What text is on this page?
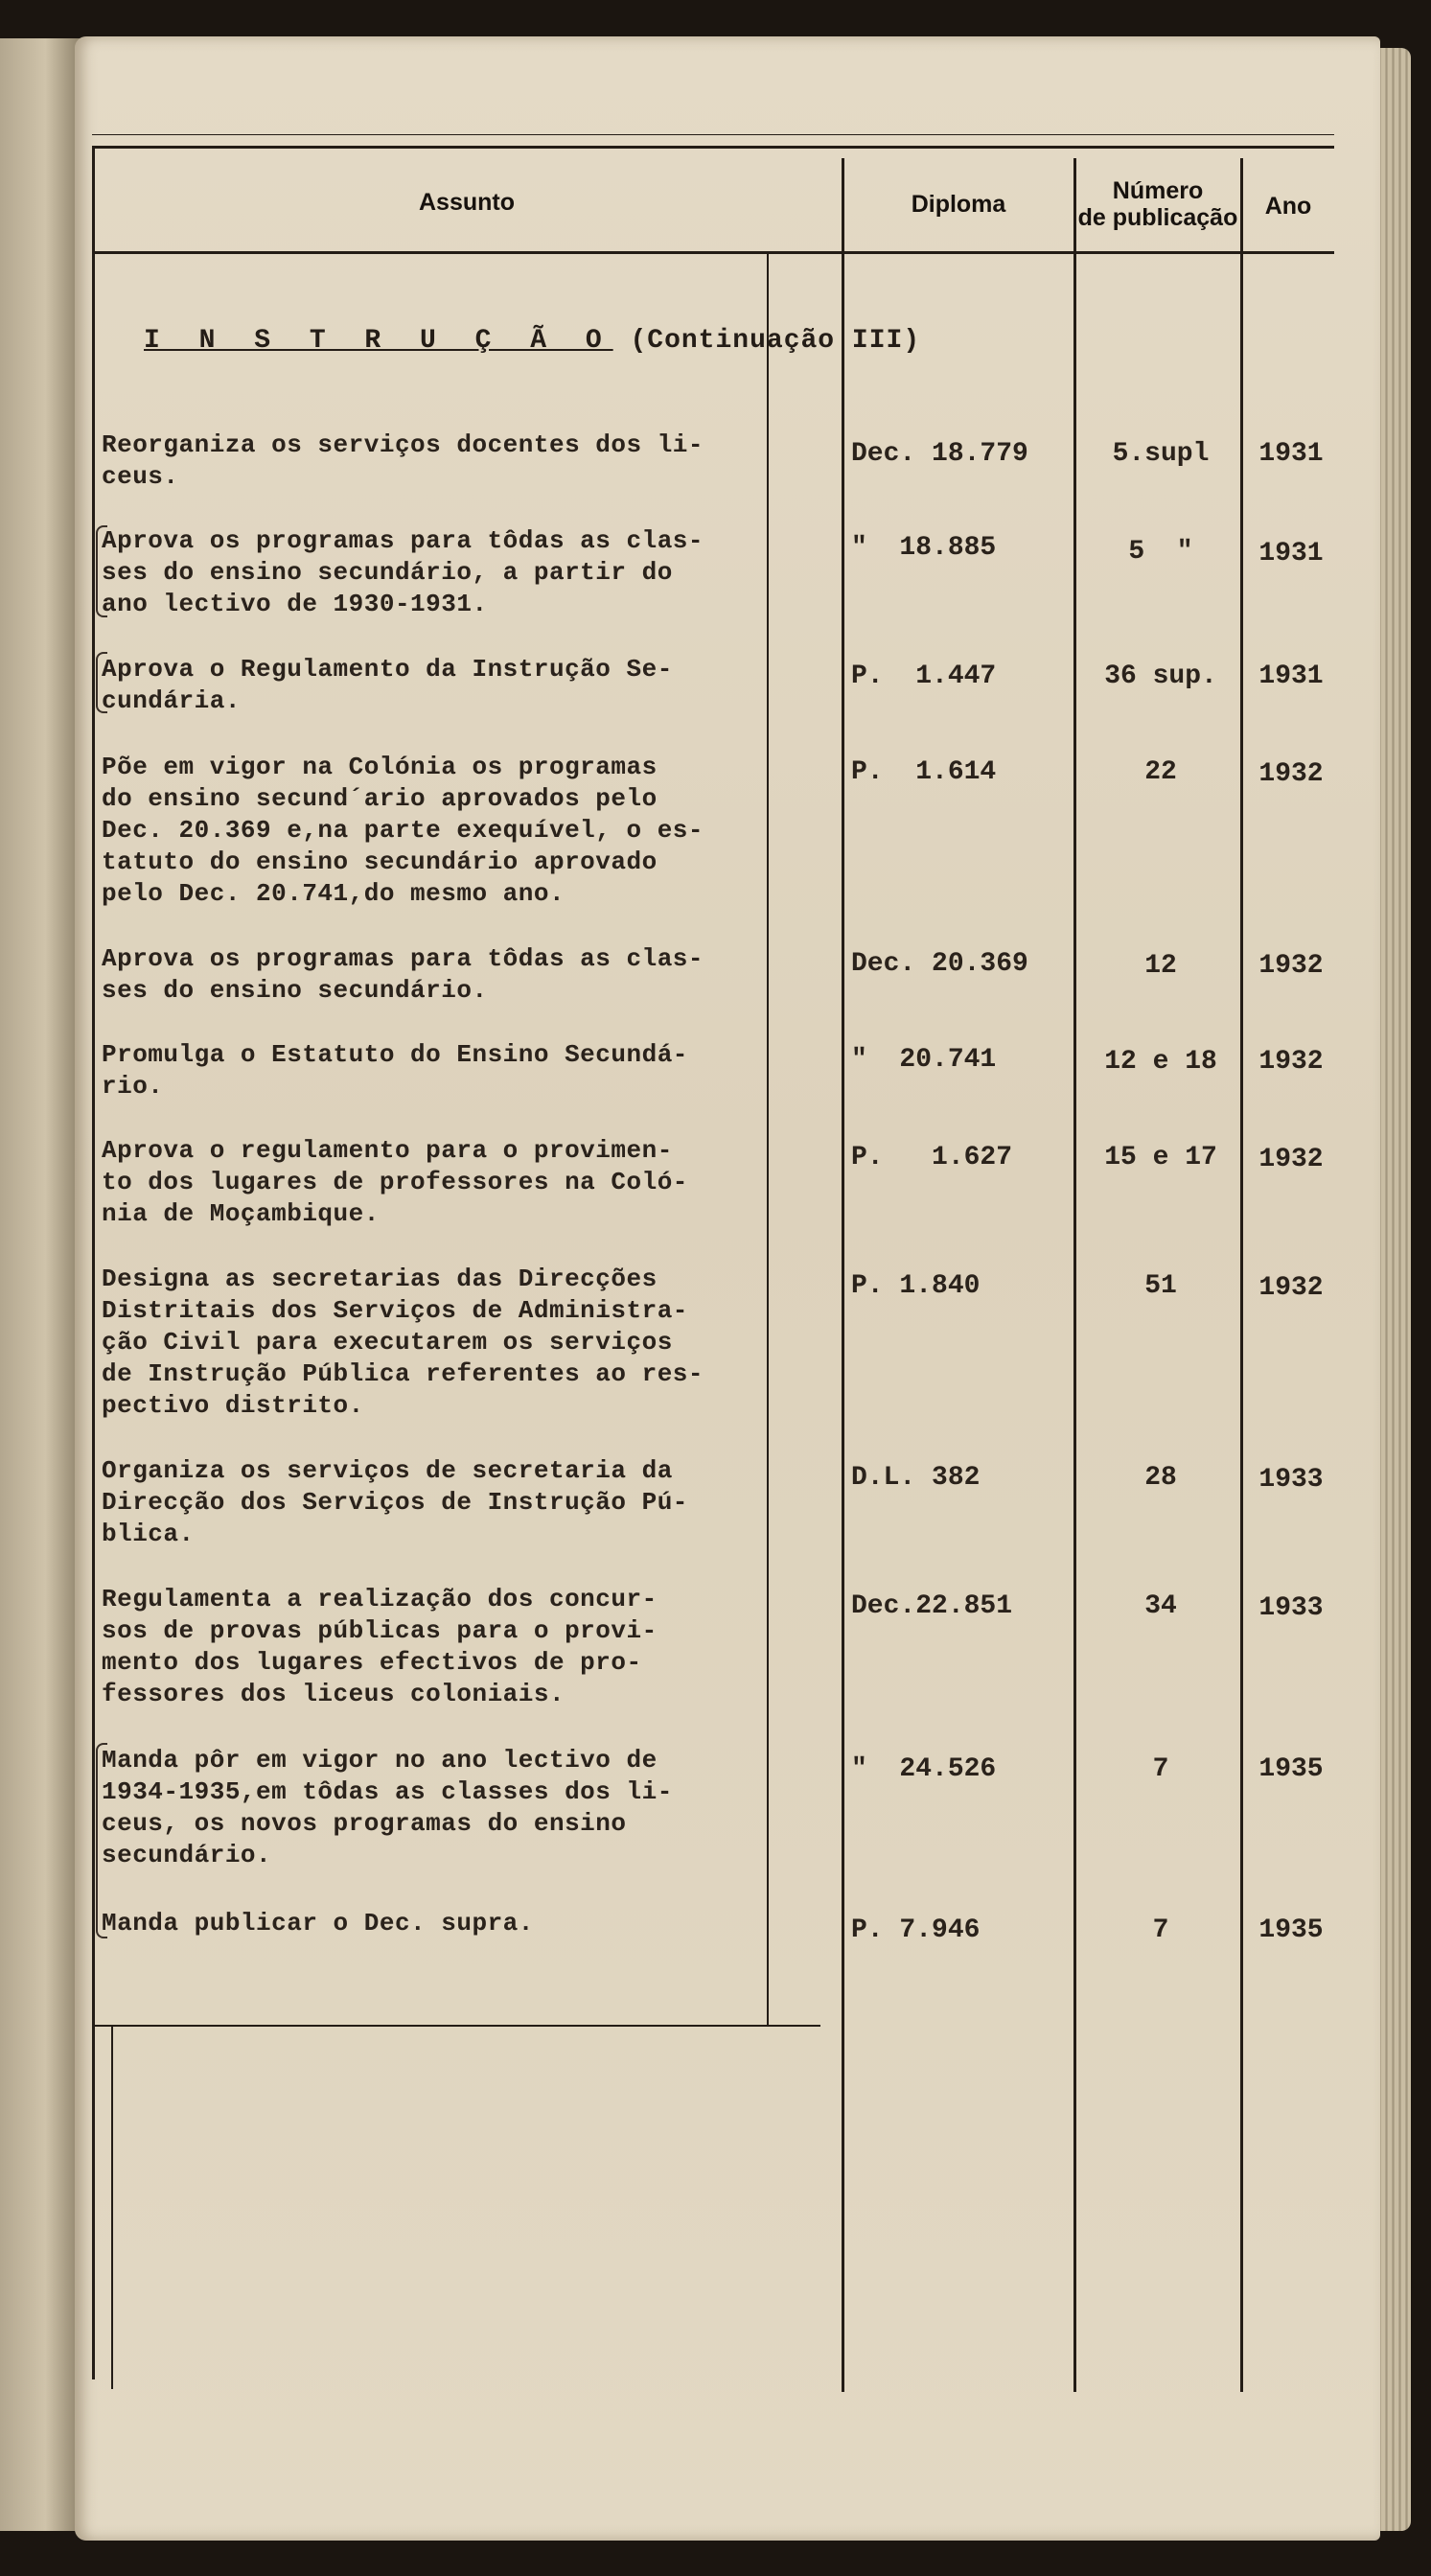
Assunto	Diploma	Número
de publicação	Ano
I N S T R U Ç Ã O (Continuação III)
Reorganiza os serviços docentes dos li-
ceus.
Dec. 18.779	5.supl	1931
Aprova os programas para tôdas as clas-
ses do ensino secundário, a partir do
ano lectivo de 1930-1931.
"  18.885	5  "	1931
Aprova o Regulamento da Instrução Se-
cundária.
P.  1.447	36 sup.	1931
Põe em vigor na Colónia os programas
do ensino secund´ario aprovados pelo
Dec. 20.369 e,na parte exequível, o es-
tatuto do ensino secundário aprovado
pelo Dec. 20.741,do mesmo ano.
P.  1.614	22	1932
Aprova os programas para tôdas as clas-
ses do ensino secundário.
Dec. 20.369	12	1932
Promulga o Estatuto do Ensino Secundá-
rio.
"  20.741	12 e 18	1932
Aprova o regulamento para o provimen-
to dos lugares de professores na Coló-
nia de Moçambique.
P.   1.627	15 e 17	1932
Designa as secretarias das Direcções
Distritais dos Serviços de Administra-
ção Civil para executarem os serviços
de Instrução Pública referentes ao res-
pectivo distrito.
P. 1.840	51	1932
Organiza os serviços de secretaria da
Direcção dos Serviços de Instrução Pú-
blica.
D.L. 382	28	1933
Regulamenta a realização dos concur-
sos de provas públicas para o provi-
mento dos lugares efectivos de pro-
fessores dos liceus coloniais.
Dec.22.851	34	1933
Manda pôr em vigor no ano lectivo de
1934-1935,em tôdas as classes dos li-
ceus, os novos programas do ensino
secundário.
"  24.526	7	1935
Manda publicar o Dec. supra.	P. 7.946	7	1935
